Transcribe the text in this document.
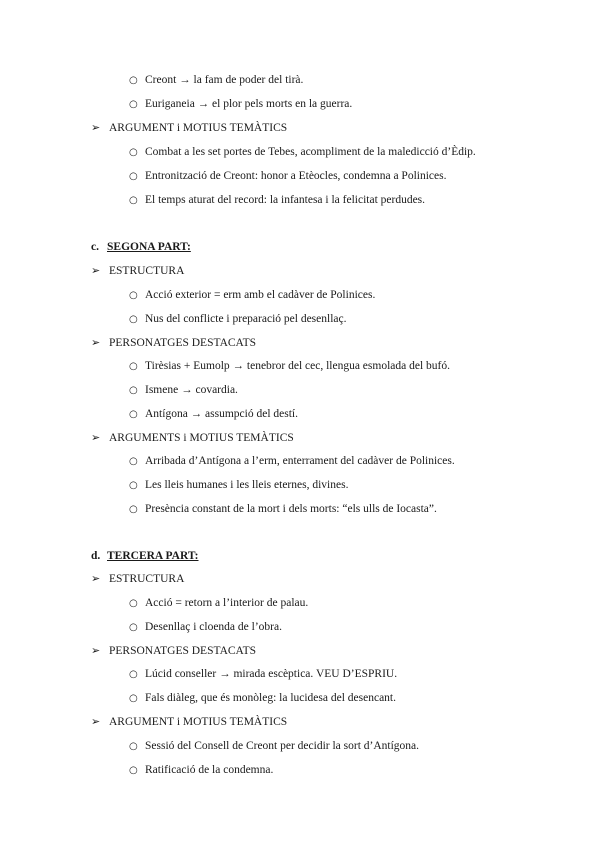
○ Creont → la fam de poder del tirà.
○ Euriganeia → el plor pels morts en la guerra.
➢ ARGUMENT i MOTIUS TEMÀTICS
○ Combat a les set portes de Tebes, acompliment de la maledicció d’Èdip.
○ Entronització de Creont: honor a Etèocles, condemna a Polinices.
○ El temps aturat del record: la infantesa i la felicitat perdudes.
c. SEGONA PART:
➢ ESTRUCTURA
○ Acció exterior = erm amb el cadàver de Polinices.
○ Nus del conflicte i preparació pel desenllaç.
➢ PERSONATGES DESTACATS
○ Tirèsias + Eumolp → tenebror del cec, llengua esmolada del bufó.
○ Ismene → covardia.
○ Antígona → assumpció del destí.
➢ ARGUMENTS i MOTIUS TEMÀTICS
○ Arribada d’Antígona a l’erm, enterrament del cadàver de Polinices.
○ Les lleis humanes i les lleis eternes, divines.
○ Presència constant de la mort i dels morts: “els ulls de Iocasta”.
d. TERCERA PART:
➢ ESTRUCTURA
○ Acció = retorn a l’interior de palau.
○ Desenllaç i cloenda de l’obra.
➢ PERSONATGES DESTACATS
○ Lúcid conseller → mirada escèptica. VEU D’ESPRIU.
○ Fals diàleg, que és monòleg: la lucidesa del desencant.
➢ ARGUMENT i MOTIUS TEMÀTICS
○ Sessió del Consell de Creont per decidir la sort d’Antígona.
○ Ratificació de la condemna.
